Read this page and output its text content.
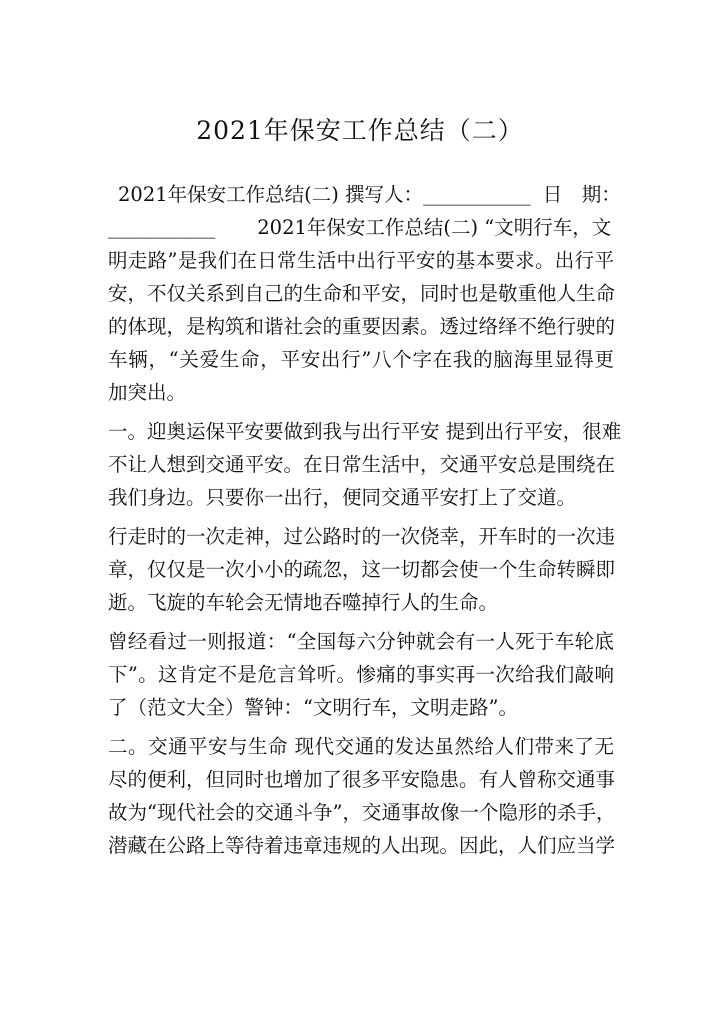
2021年保安工作总结（二）
2021年保安工作总结(二) 撰写人：___________ 日　期：
___________ 2021年保安工作总结(二) “文明行车，文
明走路”是我们在日常生活中出行平安的基本要求。出行平
安，不仅关系到自己的生命和平安，同时也是敬重他人生命
的体现，是构筑和谐社会的重要因素。透过络绎不绝行驶的
车辆，“关爱生命，平安出行”八个字在我的脑海里显得更
加突出。
一。迎奥运保平安要做到我与出行平安 提到出行平安，很难
不让人想到交通平安。在日常生活中，交通平安总是围绕在
我们身边。只要你一出行，便同交通平安打上了交道。
行走时的一次走神，过公路时的一次侥幸，开车时的一次违
章，仅仅是一次小小的疏忽，这一切都会使一个生命转瞬即
逝。飞旋的车轮会无情地吞噬掉行人的生命。
曾经看过一则报道：“全国每六分钟就会有一人死于车轮底
下”。这肯定不是危言耸听。惨痛的事实再一次给我们敲响
了（范文大全）警钟：“文明行车，文明走路”。
二。交通平安与生命 现代交通的发达虽然给人们带来了无
尽的便利，但同时也增加了很多平安隐患。有人曾称交通事
故为“现代社会的交通斗争”，交通事故像一个隐形的杀手，
潜藏在公路上等待着违章违规的人出现。因此，人们应当学
